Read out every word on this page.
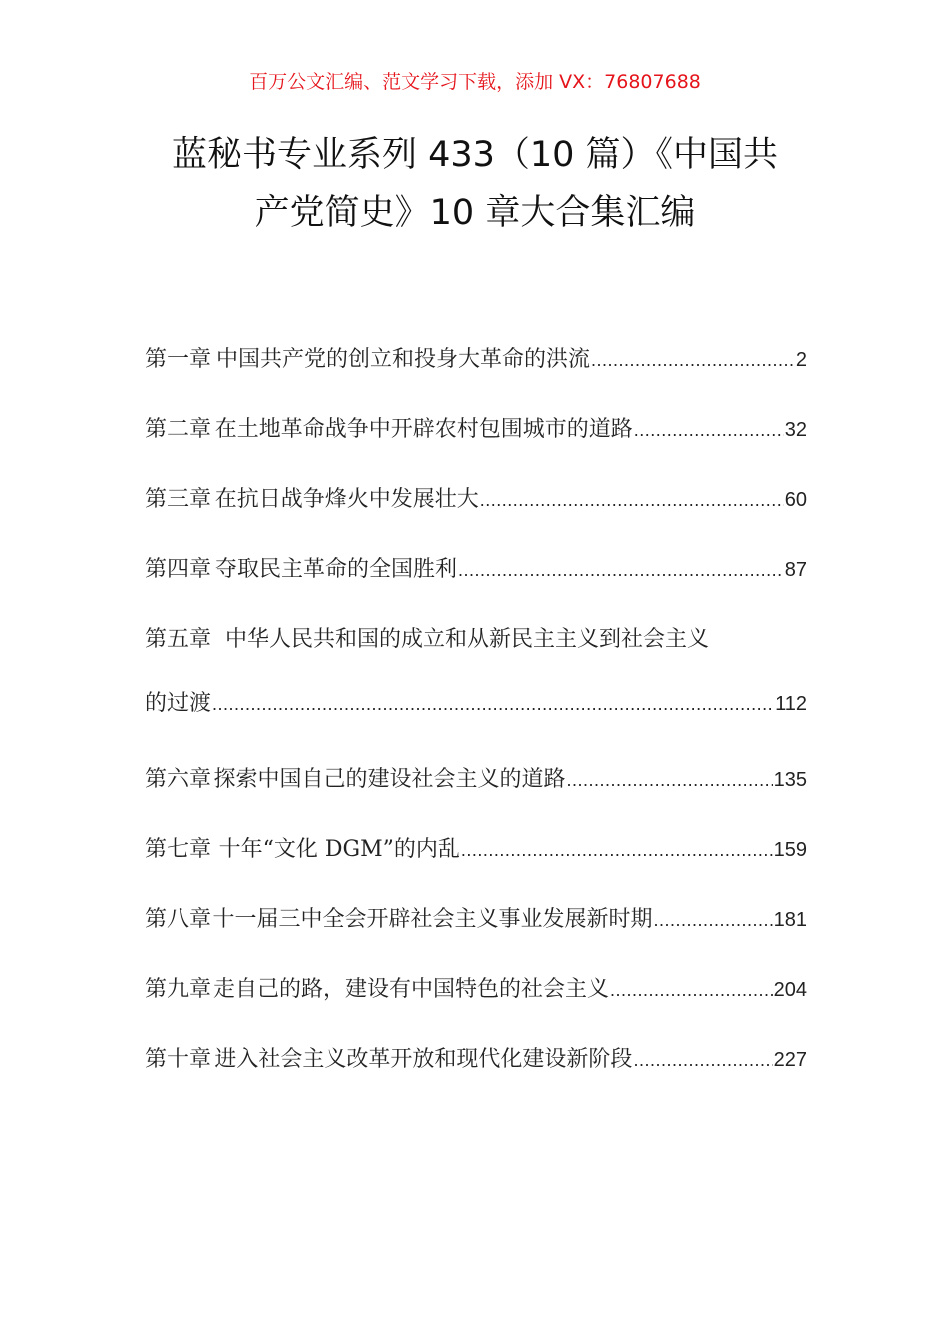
百万公文汇编、范文学习下载，添加 VX：76807688
蓝秘书专业系列 433（10 篇）《中国共
产党简史》10 章大合集汇编
第一章 中国共产党的创立和投身大革命的洪流 .....	2
第二章 在土地革命战争中开辟农村包围城市的道路 .....	32
第三章 在抗日战争烽火中发展壮大 .....	60
第四章 夺取民主革命的全国胜利 .....	87
第五章 中华人民共和国的成立和从新民主主义到社会主义
的过渡 .....	112
第六章 探索中国自己的建设社会主义的道路 .....	135
第七章 十年“文化 DGM”的内乱 .....	159
第八章 十一届三中全会开辟社会主义事业发展新时期 .....	181
第九章 走自己的路，建设有中国特色的社会主义 .....	204
第十章 进入社会主义改革开放和现代化建设新阶段 .....	227
